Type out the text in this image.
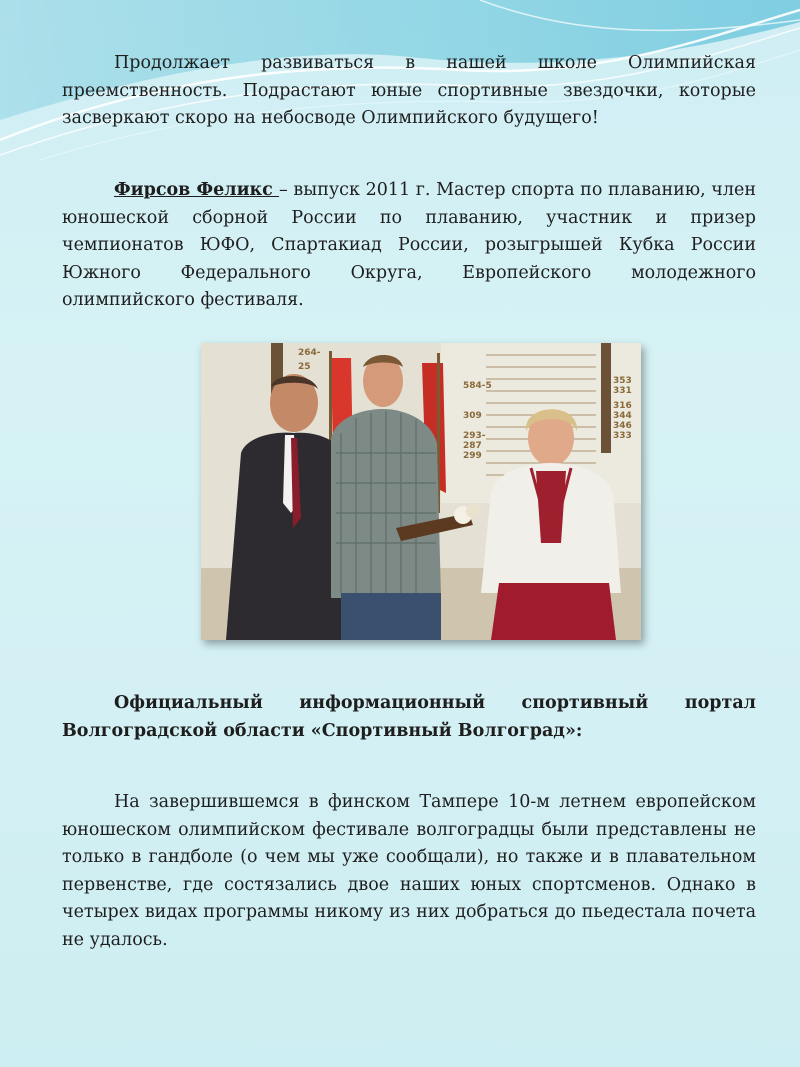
Продолжает развиваться в нашей школе Олимпийская преемственность. Подрастают юные спортивные звездочки, которые засверкают скоро на небосводе Олимпийского будущего!
Фирсов Феликс – выпуск 2011 г. Мастер спорта по плаванию, член юношеской сборной России по плаванию, участник и призер чемпионатов ЮФО, Спартакиад России, розыгрышей Кубка России Южного Федерального Округа, Европейского молодежного олимпийского фестиваля.
264-
25
584-5
309
293-
287
299
353
331
316
344
346
333
Официальный информационный спортивный портал Волгоградской области «Спортивный Волгоград»:
На завершившемся в финском Тампере 10-м летнем европейском юношеском олимпийском фестивале волгоградцы были представлены не только в гандболе (о чем мы уже сообщали), но также и в плавательном первенстве, где состязались двое наших юных спортсменов. Однако в четырех видах программы никому из них добраться до пьедестала почета не удалось.
